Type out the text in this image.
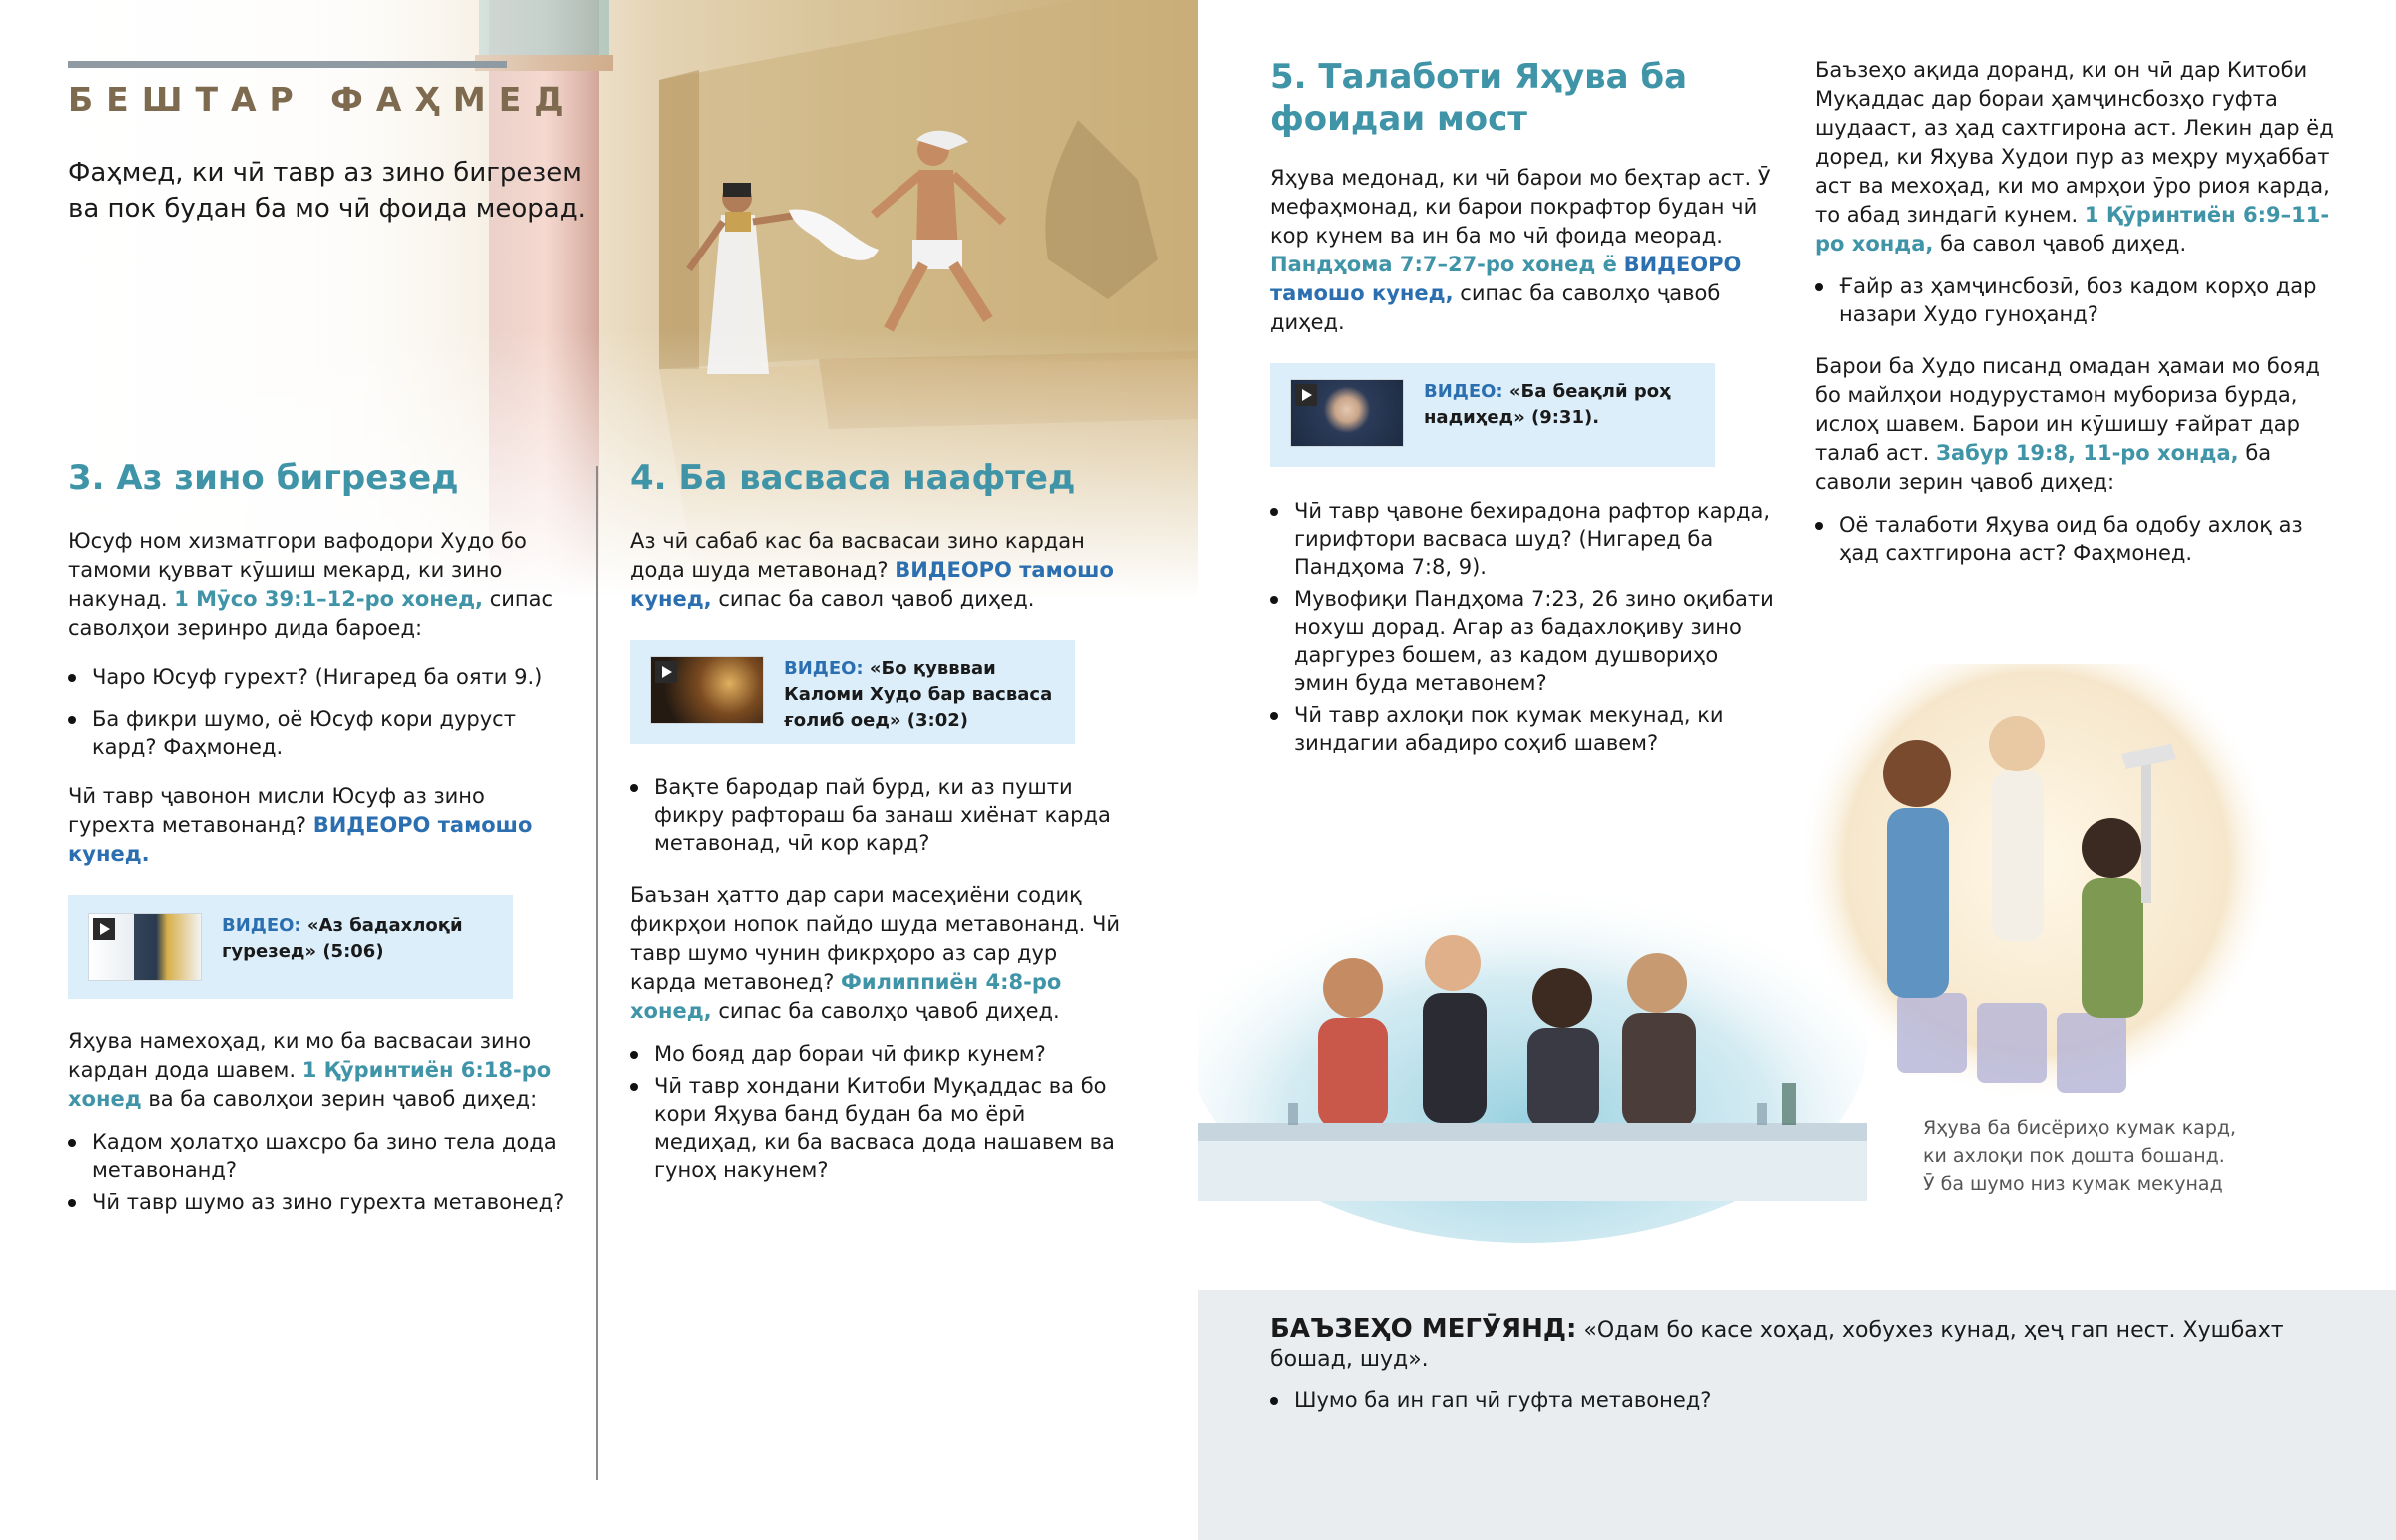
БЕШТАР ФАҲМЕД
Фаҳмед, ки чӣ тавр аз зино бигрезем ва пок будан ба мо чӣ фоида меорад.
3. Аз зино бигрезед

Юсуф ном хизматгори вафодори Худо бо тамоми қувват кӯшиш мекард, ки зино накунад. 1 Мӯсо 39:1–12-ро хонед, сипас саволҳои зеринро дида бароед:

Чаро Юсуф гурехт? (Нигаред ба ояти 9.)
Ба фикри шумо, оё Юсуф кори дуруст кард? Фаҳмонед.

Чӣ тавр ҷавонон мисли Юсуф аз зино гурехта метавонанд? ВИДЕОРО тамошо кунед.

ВИДЕО: «Аз бадахлоқӣ гурезед» (5:06)

Яҳува намехоҳад, ки мо ба васвасаи зино кардан дода шавем. 1 Қӯринтиён 6:18-ро хонед ва ба саволҳои зерин ҷавоб диҳед:

Кадом ҳолатҳо шахсро ба зино тела дода метавонанд?
Чӣ тавр шумо аз зино гурехта метавонед?
4. Ба васваса наафтед

Аз чӣ сабаб кас ба васвасаи зино кардан дода шуда метавонад? ВИДЕОРО тамошо кунед, сипас ба савол ҷавоб диҳед.

ВИДЕО: «Бо қуввваи Каломи Худо бар васваса ғолиб оед» (3:02)
Вақте бародар пай бурд, ки аз пушти фикру рафтораш ба занаш хиёнат карда метавонад, чӣ кор кард?

Баъзан ҳатто дар сари масеҳиёни содиқ фикрҳои нопок пайдо шуда метавонанд. Чӣ тавр шумо чунин фикрҳоро аз сар дур карда метавонед? Филиппиён 4:8-ро хонед, сипас ба саволҳо ҷавоб диҳед.

Мо бояд дар бораи чӣ фикр кунем?
Чӣ тавр хондани Китоби Муқаддас ва бо кори Яҳува банд будан ба мо ёрӣ медиҳад, ки ба васваса дода нашавем ва гуноҳ накунем?
5. Талаботи Яҳува ба фоидаи мост

Яҳува медонад, ки чӣ барои мо беҳтар аст. Ӯ мефаҳмонад, ки барои покрафтор будан чӣ кор кунем ва ин ба мо чӣ фоида меорад. Пандҳома 7:7–27-ро хонед ё ВИДЕОРО тамошо кунед, сипас ба саволҳо ҷавоб диҳед.

ВИДЕО: «Ба беақлӣ роҳ надиҳед» (9:31).
Чӣ тавр ҷавоне бехирадона рафтор карда, гирифтори васваса шуд? (Нигаред ба Пандҳома 7:8, 9).
Мувофиқи Пандҳома 7:23, 26 зино оқибати нохуш дорад. Агар аз бадахлоқиву зино даргурез бошем, аз кадом душвориҳо эмин буда метавонем?
Чӣ тавр ахлоқи пок кумак мекунад, ки зиндагии абадиро соҳиб шавем?

Баъзеҳо ақида доранд, ки он чӣ дар Китоби Муқаддас дар бораи ҳамҷинсбозҳо гуфта шудааст, аз ҳад сахтгирона аст. Лекин дар ёд доред, ки Яҳува Худои пур аз меҳру муҳаббат аст ва мехоҳад, ки мо амрҳои ӯро риоя карда, то абад зиндагӣ кунем. 1 Қӯринтиён 6:9–11-ро хонда, ба савол ҷавоб диҳед.

Ғайр аз ҳамҷинсбозӣ, боз кадом корҳо дар назари Худо гуноҳанд?

Барои ба Худо писанд омадан ҳамаи мо бояд бо майлҳои нодурустамон мубориза бурда, ислоҳ шавем. Барои ин кӯшишу ғайрат дар талаб аст. Забур 19:8, 11-ро хонда, ба саволи зерин ҷавоб диҳед:

Оё талаботи Яҳува оид ба одобу ахлоқ аз ҳад сахтгирона аст? Фаҳмонед.
Яҳува ба бисёриҳо кумак кард, ки ахлоқи пок дошта бошанд. Ӯ ба шумо низ кумак мекунад

БАЪЗЕҲО МЕГӮЯНД: «Одам бо касе хоҳад, хобухез кунад, ҳеҷ гап нест. Хушбахт бошад, шуд».

Шумо ба ин гап чӣ гуфта метавонед?
